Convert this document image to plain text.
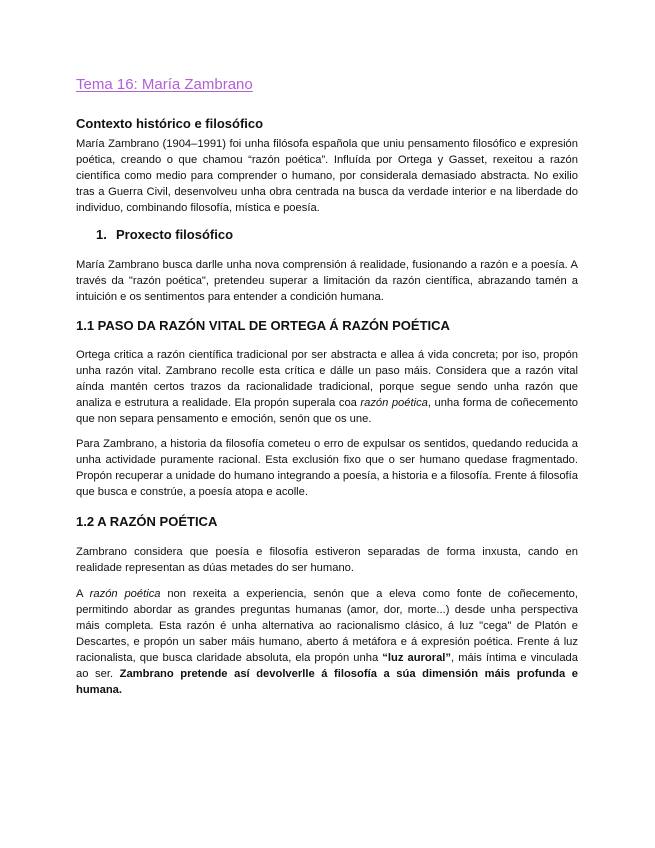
Tema 16: María Zambrano
Contexto histórico e filosófico

María Zambrano (1904–1991) foi unha filósofa española que uniu pensamento filosófico e expresión poética, creando o que chamou “razón poética”. Influída por Ortega y Gasset, rexeitou a razón científica como medio para comprender o humano, por considerala demasiado abstracta. No exilio tras a Guerra Civil, desenvolveu unha obra centrada na busca da verdade interior e na liberdade do individuo, combinando filosofía, mística e poesía.

1. Proxecto filosófico

María Zambrano busca darlle unha nova comprensión á realidade, fusionando a razón e a poesía. A través da "razón poética", pretendeu superar a limitación da razón científica, abrazando tamén a intuición e os sentimentos para entender a condición humana.

1.1 PASO DA RAZÓN VITAL DE ORTEGA Á RAZÓN POÉTICA

Ortega critica a razón científica tradicional por ser abstracta e allea á vida concreta; por iso, propón unha razón vital. Zambrano recolle esta crítica e dálle un paso máis. Considera que a razón vital aínda mantén certos trazos da racionalidade tradicional, porque segue sendo unha razón que analiza e estrutura a realidade. Ela propón superala coa razón poética, unha forma de coñecemento que non separa pensamento e emoción, senón que os une.

Para Zambrano, a historia da filosofía cometeu o erro de expulsar os sentidos, quedando reducida a unha actividade puramente racional. Esta exclusión fixo que o ser humano quedase fragmentado. Propón recuperar a unidade do humano integrando a poesía, a historia e a filosofía. Frente á filosofía que busca e constrúe, a poesía atopa e acolle.

1.2 A RAZÓN POÉTICA

Zambrano considera que poesía e filosofía estiveron separadas de forma inxusta, cando en realidade representan as dúas metades do ser humano.

A razón poética non rexeita a experiencia, senón que a eleva como fonte de coñecemento, permitindo abordar as grandes preguntas humanas (amor, dor, morte...) desde unha perspectiva máis completa. Esta razón é unha alternativa ao racionalismo clásico, á luz "cega" de Platón e Descartes, e propón un saber máis humano, aberto á metáfora e á expresión poética. Frente á luz racionalista, que busca claridade absoluta, ela propón unha “luz auroral”, máis íntima e vinculada ao ser. Zambrano pretende así devolverlle á filosofía a súa dimensión máis profunda e humana.
